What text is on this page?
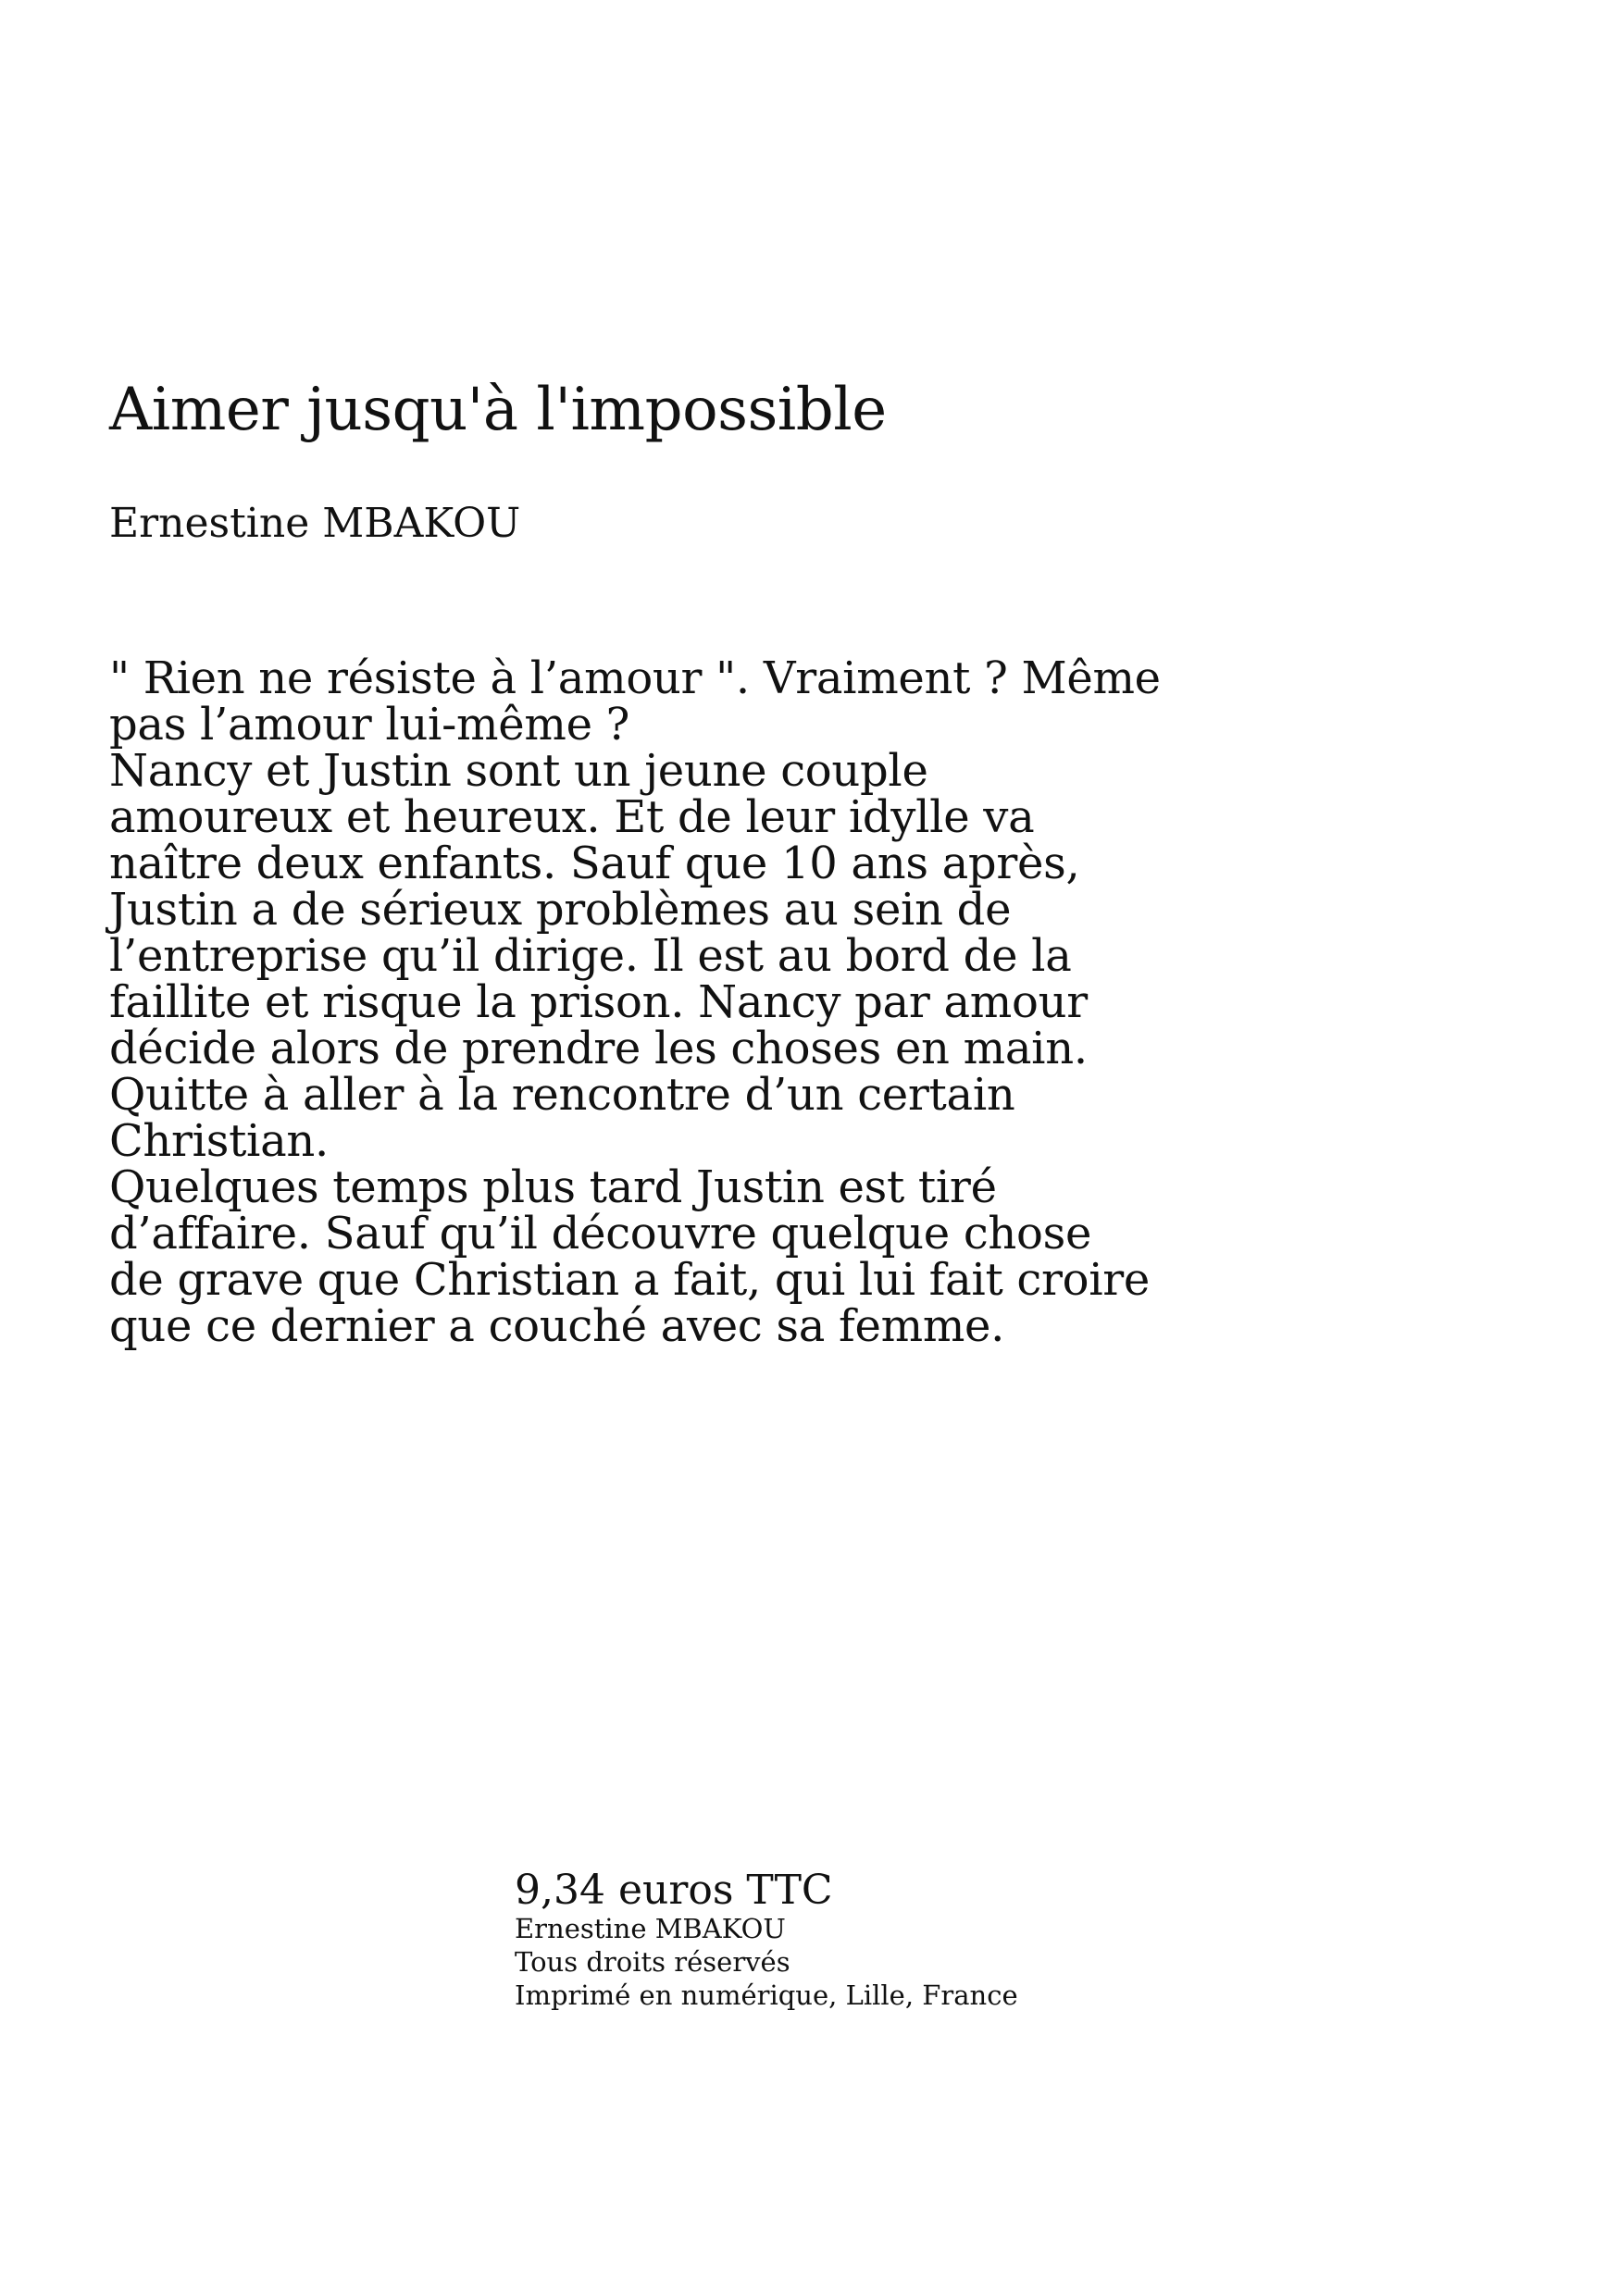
Aimer jusqu'à l'impossible
Ernestine MBAKOU
" Rien ne résiste à l’amour ". Vraiment ? Même
pas l’amour lui-même ?
Nancy et Justin sont un jeune couple
amoureux et heureux. Et de leur idylle va
naître deux enfants. Sauf que 10 ans après,
Justin a de sérieux problèmes au sein de
l’entreprise qu’il dirige. Il est au bord de la
faillite et risque la prison. Nancy par amour
décide alors de prendre les choses en main.
Quitte à aller à la rencontre d’un certain
Christian.
Quelques temps plus tard Justin est tiré
d’affaire. Sauf qu’il découvre quelque chose
de grave que Christian a fait, qui lui fait croire
que ce dernier a couché avec sa femme.

9,34 euros TTC

Ernestine MBAKOU

Tous droits réservés

Imprimé en numérique, Lille, France
